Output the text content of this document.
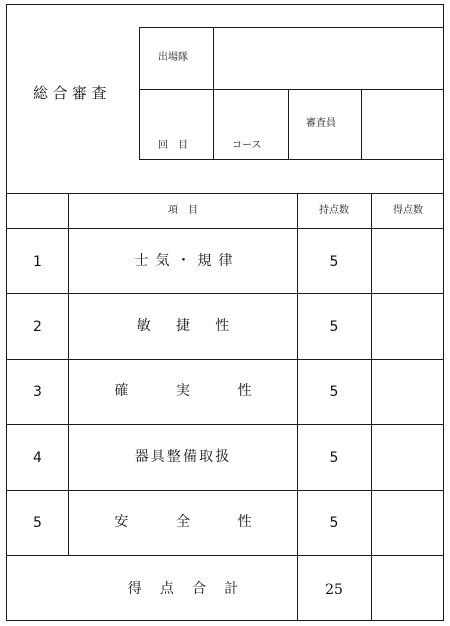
総合審査
出場隊
回　目	コース
審査員
項　目	持点数	得点数
1	士気・規律	5
2	敏捷性	5
3	確実性 5
4	器具整備取扱	5
5	安全性 5
得点合計	25
